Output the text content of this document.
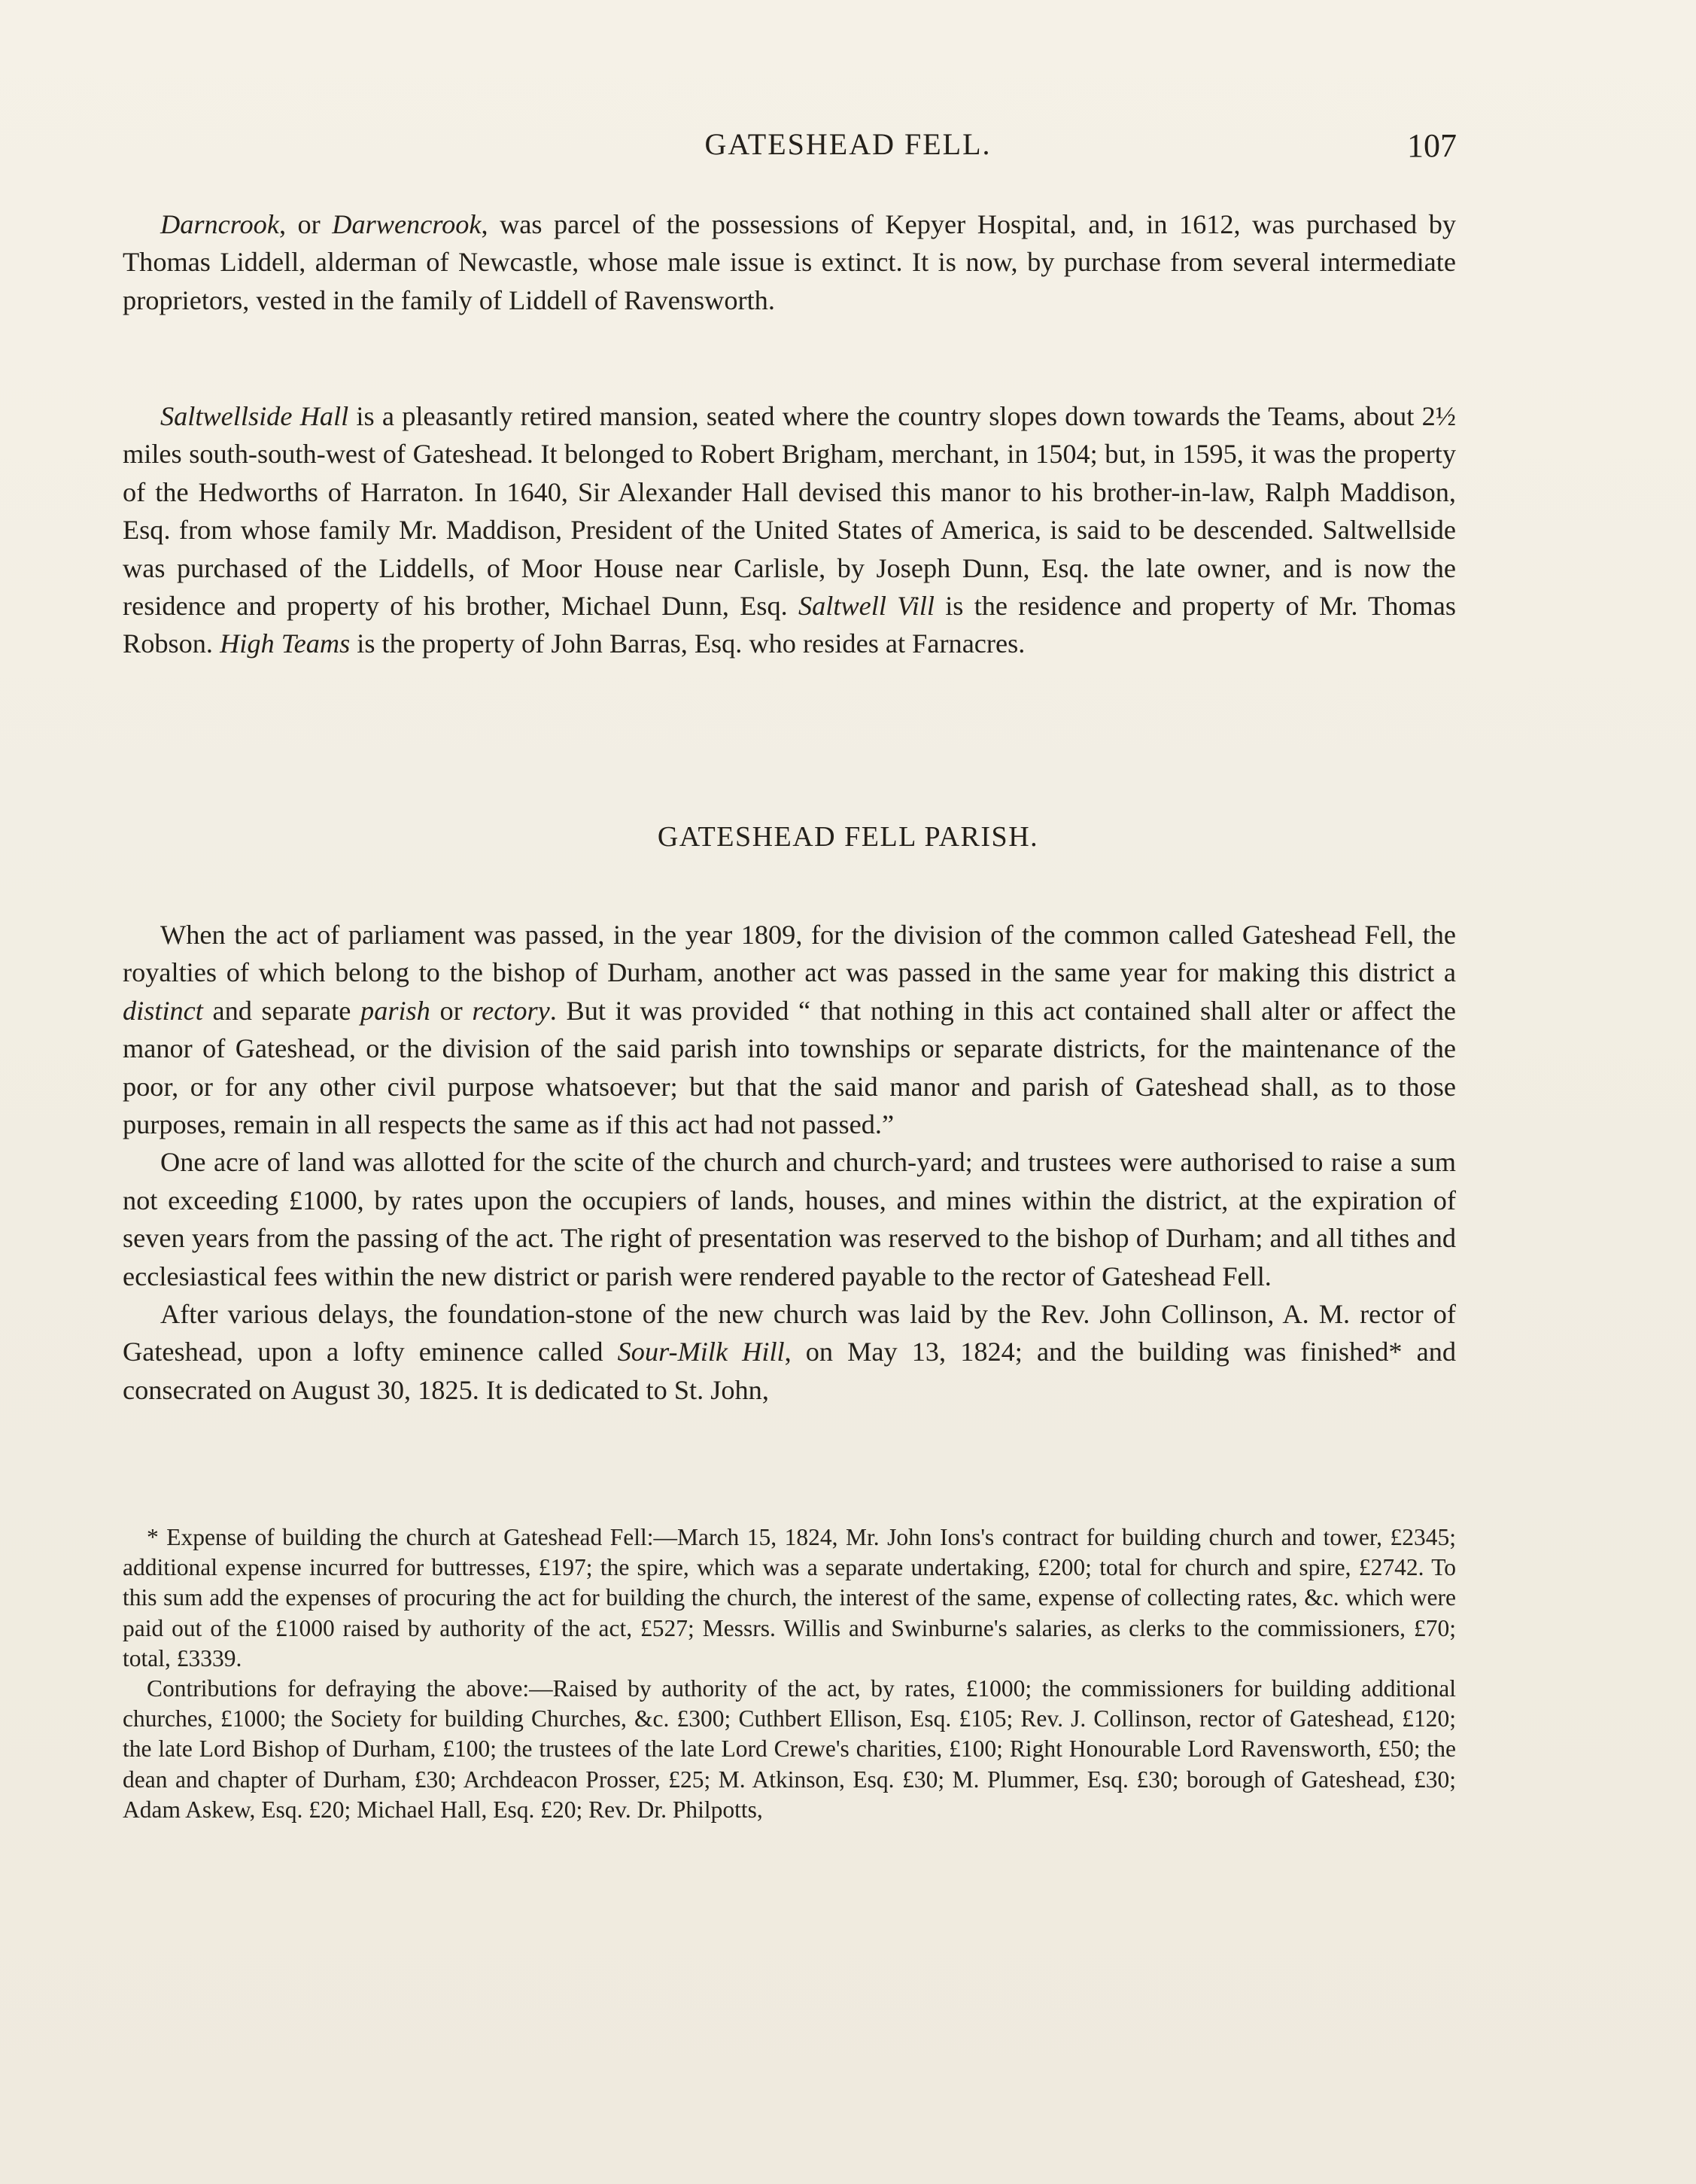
GATESHEAD FELL.	107

Darncrook, or Darwencrook, was parcel of the possessions of Kepyer Hospital, and, in 1612, was purchased by Thomas Liddell, alderman of Newcastle, whose male issue is extinct. It is now, by purchase from several intermediate proprietors, vested in the family of Liddell of Ravensworth.

Saltwellside Hall is a pleasantly retired mansion, seated where the country slopes down towards the Teams, about 2½ miles south-south-west of Gateshead. It belonged to Robert Brigham, merchant, in 1504; but, in 1595, it was the property of the Hedworths of Harraton. In 1640, Sir Alexander Hall devised this manor to his brother-in-law, Ralph Maddison, Esq. from whose family Mr. Maddison, President of the United States of America, is said to be descended. Saltwellside was purchased of the Liddells, of Moor House near Carlisle, by Joseph Dunn, Esq. the late owner, and is now the residence and property of his brother, Michael Dunn, Esq. Saltwell Vill is the residence and property of Mr. Thomas Robson. High Teams is the property of John Barras, Esq. who resides at Farnacres.

GATESHEAD FELL PARISH.

When the act of parliament was passed, in the year 1809, for the division of the common called Gateshead Fell, the royalties of which belong to the bishop of Durham, another act was passed in the same year for making this district a distinct and separate parish or rectory. But it was provided “ that nothing in this act contained shall alter or affect the manor of Gateshead, or the division of the said parish into townships or separate districts, for the maintenance of the poor, or for any other civil purpose whatsoever; but that the said manor and parish of Gateshead shall, as to those purposes, remain in all respects the same as if this act had not passed.”

One acre of land was allotted for the scite of the church and church-yard; and trustees were authorised to raise a sum not exceeding £1000, by rates upon the occupiers of lands, houses, and mines within the district, at the expiration of seven years from the passing of the act. The right of presentation was reserved to the bishop of Durham; and all tithes and ecclesiastical fees within the new district or parish were rendered payable to the rector of Gateshead Fell.

After various delays, the foundation-stone of the new church was laid by the Rev. John Collinson, A. M. rector of Gateshead, upon a lofty eminence called Sour-Milk Hill, on May 13, 1824; and the building was finished* and consecrated on August 30, 1825. It is dedicated to St. John,

* Expense of building the church at Gateshead Fell:—March 15, 1824, Mr. John Ions's contract for building church and tower, £2345; additional expense incurred for buttresses, £197; the spire, which was a separate undertaking, £200; total for church and spire, £2742. To this sum add the expenses of procuring the act for building the church, the interest of the same, expense of collecting rates, &c. which were paid out of the £1000 raised by authority of the act, £527; Messrs. Willis and Swinburne's salaries, as clerks to the commissioners, £70; total, £3339.

Contributions for defraying the above:—Raised by authority of the act, by rates, £1000; the commissioners for building additional churches, £1000; the Society for building Churches, &c. £300; Cuthbert Ellison, Esq. £105; Rev. J. Collinson, rector of Gateshead, £120; the late Lord Bishop of Durham, £100; the trustees of the late Lord Crewe's charities, £100; Right Honourable Lord Ravensworth, £50; the dean and chapter of Durham, £30; Archdeacon Prosser, £25; M. Atkinson, Esq. £30; M. Plummer, Esq. £30; borough of Gateshead, £30; Adam Askew, Esq. £20; Michael Hall, Esq. £20; Rev. Dr. Philpotts,
